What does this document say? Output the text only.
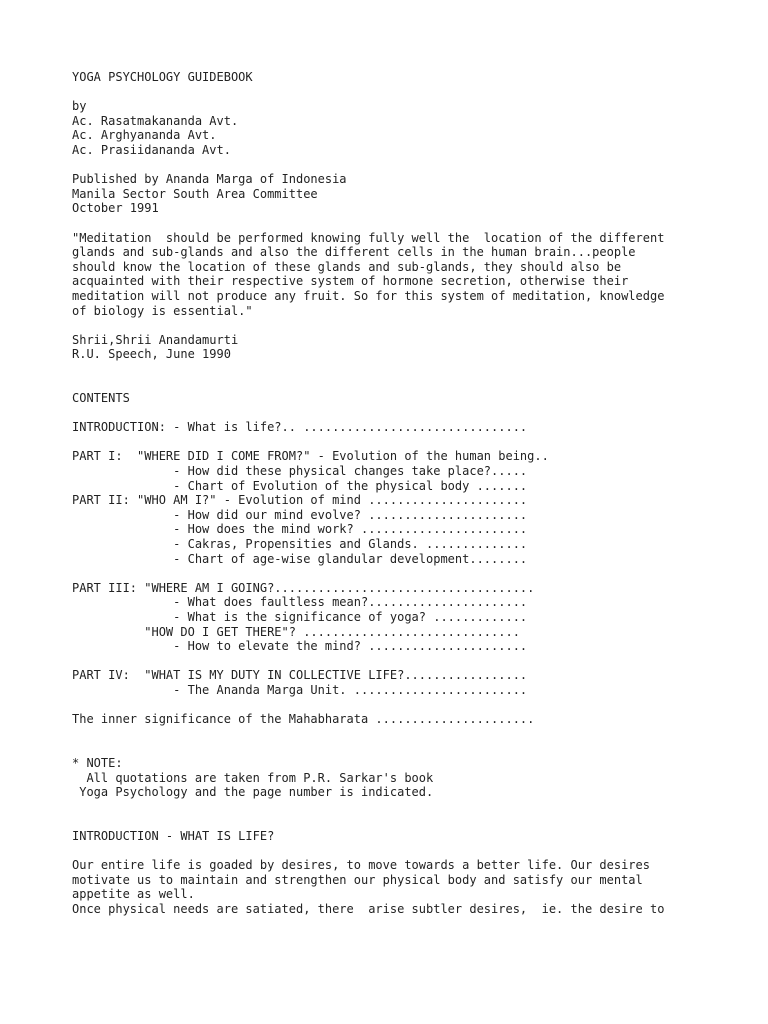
YOGA PSYCHOLOGY GUIDEBOOK
by
Ac. Rasatmakananda Avt.
Ac. Arghyananda Avt.
Ac. Prasiidananda Avt.
Published by Ananda Marga of Indonesia
Manila Sector South Area Committee
October 1991
"Meditation  should be performed knowing fully well the  location of the different
glands and sub-glands and also the different cells in the human brain...people
should know the location of these glands and sub-glands, they should also be
acquainted with their respective system of hormone secretion, otherwise their
meditation will not produce any fruit. So for this system of meditation, knowledge
of biology is essential."
Shrii,Shrii Anandamurti
R.U. Speech, June 1990
CONTENTS
INTRODUCTION: - What is life?.. ...............................
PART I:  "WHERE DID I COME FROM?" - Evolution of the human being..
- How did these physical changes take place?.....
- Chart of Evolution of the physical body .......
PART II: "WHO AM I?" - Evolution of mind ......................
- How did our mind evolve? ......................
- How does the mind work? .......................
- Cakras, Propensities and Glands. ..............
- Chart of age-wise glandular development........
PART III: "WHERE AM I GOING?....................................
- What does faultless mean?......................
- What is the significance of yoga? .............
"HOW DO I GET THERE"? ..............................
- How to elevate the mind? ......................
PART IV:  "WHAT IS MY DUTY IN COLLECTIVE LIFE?.................
- The Ananda Marga Unit. ........................
The inner significance of the Mahabharata ......................
* NOTE:
All quotations are taken from P.R. Sarkar's book
Yoga Psychology and the page number is indicated.
INTRODUCTION - WHAT IS LIFE?
Our entire life is goaded by desires, to move towards a better life. Our desires
motivate us to maintain and strengthen our physical body and satisfy our mental
appetite as well.
Once physical needs are satiated, there  arise subtler desires,  ie. the desire to
